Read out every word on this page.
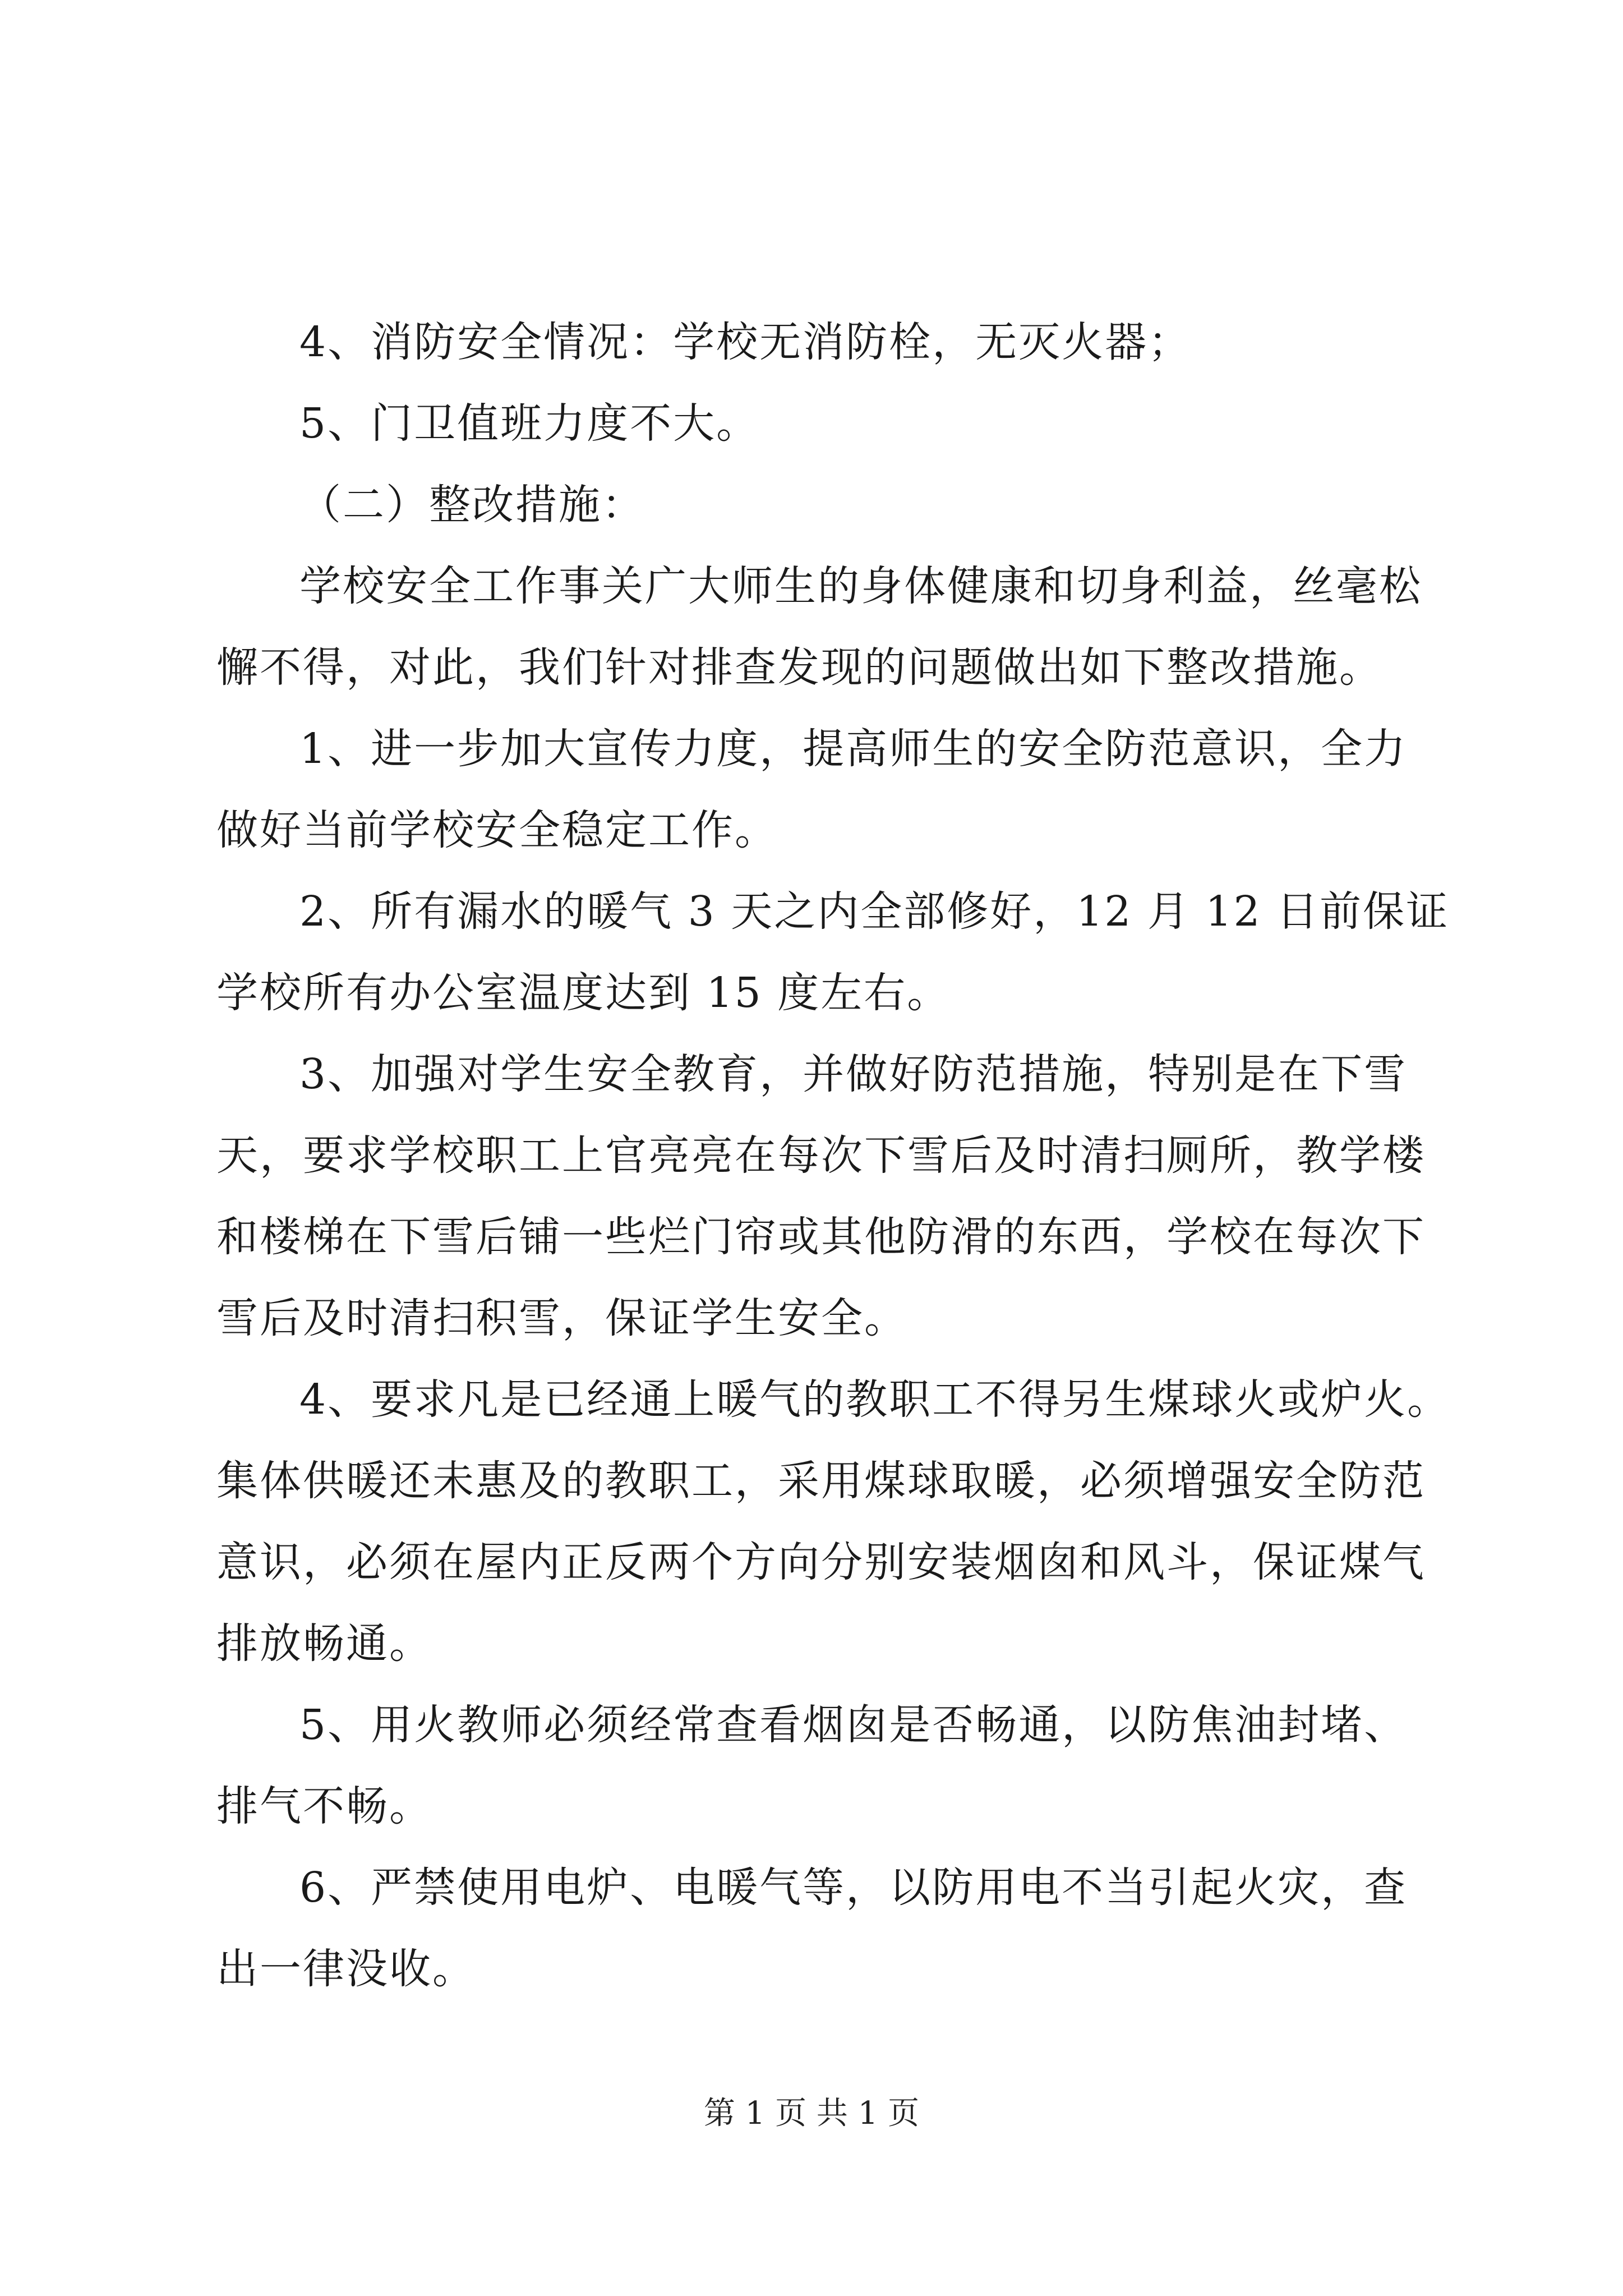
4、消防安全情况：学校无消防栓，无灭火器；
5、门卫值班力度不大。
（二）整改措施：
学校安全工作事关广大师生的身体健康和切身利益，丝毫松
懈不得，对此，我们针对排查发现的问题做出如下整改措施。
1、进一步加大宣传力度，提高师生的安全防范意识，全力
做好当前学校安全稳定工作。
2、所有漏水的暖气 3 天之内全部修好，12 月 12 日前保证
学校所有办公室温度达到 15 度左右。
3、加强对学生安全教育，并做好防范措施，特别是在下雪
天，要求学校职工上官亮亮在每次下雪后及时清扫厕所，教学楼
和楼梯在下雪后铺一些烂门帘或其他防滑的东西，学校在每次下
雪后及时清扫积雪，保证学生安全。
4、要求凡是已经通上暖气的教职工不得另生煤球火或炉火。
集体供暖还未惠及的教职工，采用煤球取暖，必须增强安全防范
意识，必须在屋内正反两个方向分别安装烟囱和风斗，保证煤气
排放畅通。
5、用火教师必须经常查看烟囱是否畅通，以防焦油封堵、
排气不畅。
6、严禁使用电炉、电暖气等，以防用电不当引起火灾，查
出一律没收。
第 1 页 共 1 页
